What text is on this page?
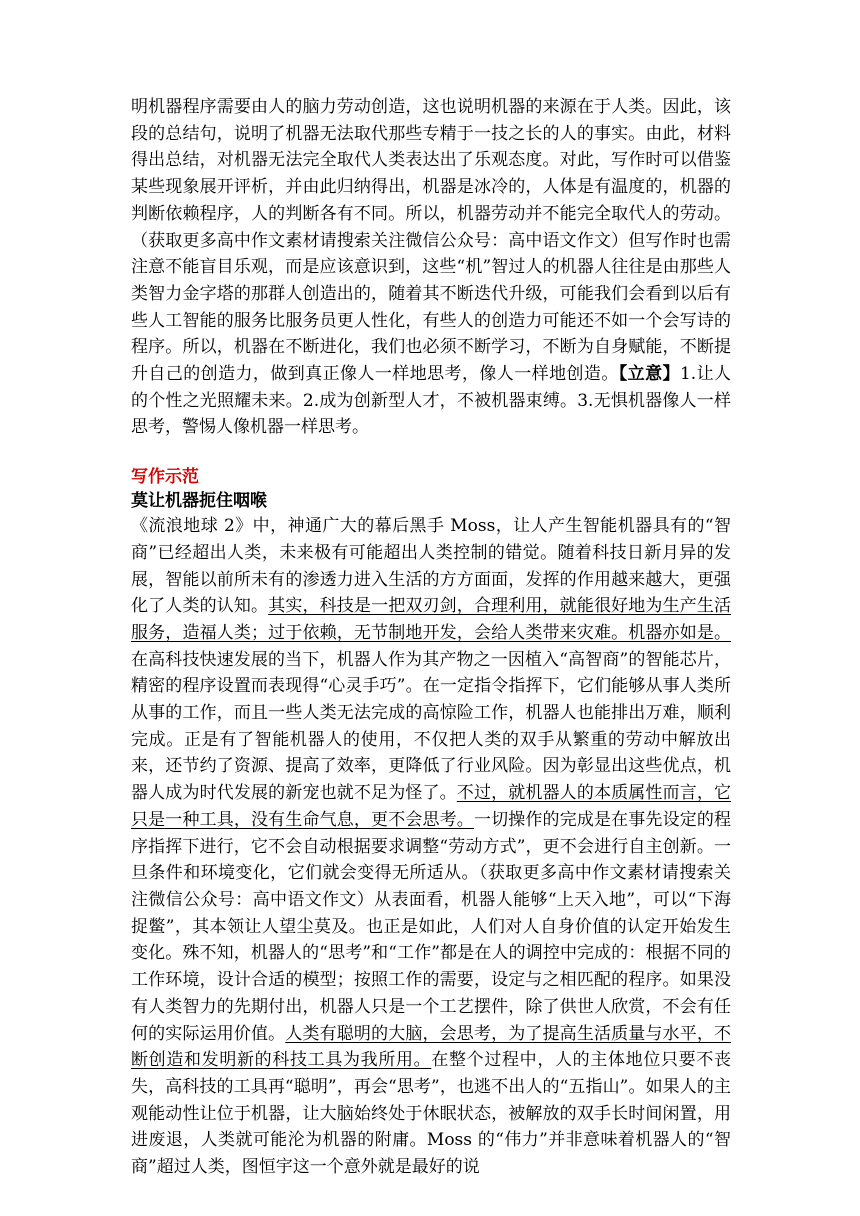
明机器程序需要由人的脑力劳动创造，这也说明机器的来源在于人类。因此，该段的总结句，说明了机器无法取代那些专精于一技之长的人的事实。由此，材料得出总结，对机器无法完全取代人类表达出了乐观态度。对此，写作时可以借鉴某些现象展开评析，并由此归纳得出，机器是冰冷的，人体是有温度的，机器的判断依赖程序，人的判断各有不同。所以，机器劳动并不能完全取代人的劳动。（获取更多高中作文素材请搜索关注微信公众号：高中语文作文）但写作时也需注意不能盲目乐观，而是应该意识到，这些“机”智过人的机器人往往是由那些人类智力金字塔的那群人创造出的，随着其不断迭代升级，可能我们会看到以后有些人工智能的服务比服务员更人性化，有些人的创造力可能还不如一个会写诗的程序。所以，机器在不断进化，我们也必须不断学习，不断为自身赋能，不断提升自己的创造力，做到真正像人一样地思考，像人一样地创造。【立意】1.让人的个性之光照耀未来。2.成为创新型人才，不被机器束缚。3.无惧机器像人一样思考，警惕人像机器一样思考。

写作示范
莫让机器扼住咽喉

《流浪地球 2》中，神通广大的幕后黑手 Moss，让人产生智能机器具有的“智商”已经超出人类，未来极有可能超出人类控制的错觉。随着科技日新月异的发展，智能以前所未有的渗透力进入生活的方方面面，发挥的作用越来越大，更强化了人类的认知。其实，科技是一把双刃剑，合理利用，就能很好地为生产生活服务，造福人类；过于依赖，无节制地开发，会给人类带来灾难。机器亦如是。在高科技快速发展的当下，机器人作为其产物之一因植入“高智商”的智能芯片，精密的程序设置而表现得“心灵手巧”。在一定指令指挥下，它们能够从事人类所从事的工作，而且一些人类无法完成的高惊险工作，机器人也能排出万难，顺利完成。正是有了智能机器人的使用，不仅把人类的双手从繁重的劳动中解放出来，还节约了资源、提高了效率，更降低了行业风险。因为彰显出这些优点，机器人成为时代发展的新宠也就不足为怪了。不过，就机器人的本质属性而言，它只是一种工具，没有生命气息，更不会思考。一切操作的完成是在事先设定的程序指挥下进行，它不会自动根据要求调整“劳动方式”，更不会进行自主创新。一旦条件和环境变化，它们就会变得无所适从。（获取更多高中作文素材请搜索关注微信公众号：高中语文作文）从表面看，机器人能够“上天入地”，可以“下海捉鳖”，其本领让人望尘莫及。也正是如此，人们对人自身价值的认定开始发生变化。殊不知，机器人的“思考”和“工作”都是在人的调控中完成的：根据不同的工作环境，设计合适的模型；按照工作的需要，设定与之相匹配的程序。如果没有人类智力的先期付出，机器人只是一个工艺摆件，除了供世人欣赏，不会有任何的实际运用价值。人类有聪明的大脑，会思考，为了提高生活质量与水平，不断创造和发明新的科技工具为我所用。在整个过程中，人的主体地位只要不丧失，高科技的工具再“聪明”，再会“思考”，也逃不出人的“五指山”。如果人的主观能动性让位于机器，让大脑始终处于休眠状态，被解放的双手长时间闲置，用进废退，人类就可能沦为机器的附庸。Moss 的“伟力”并非意味着机器人的“智商”超过人类，图恒宇这一个意外就是最好的说
